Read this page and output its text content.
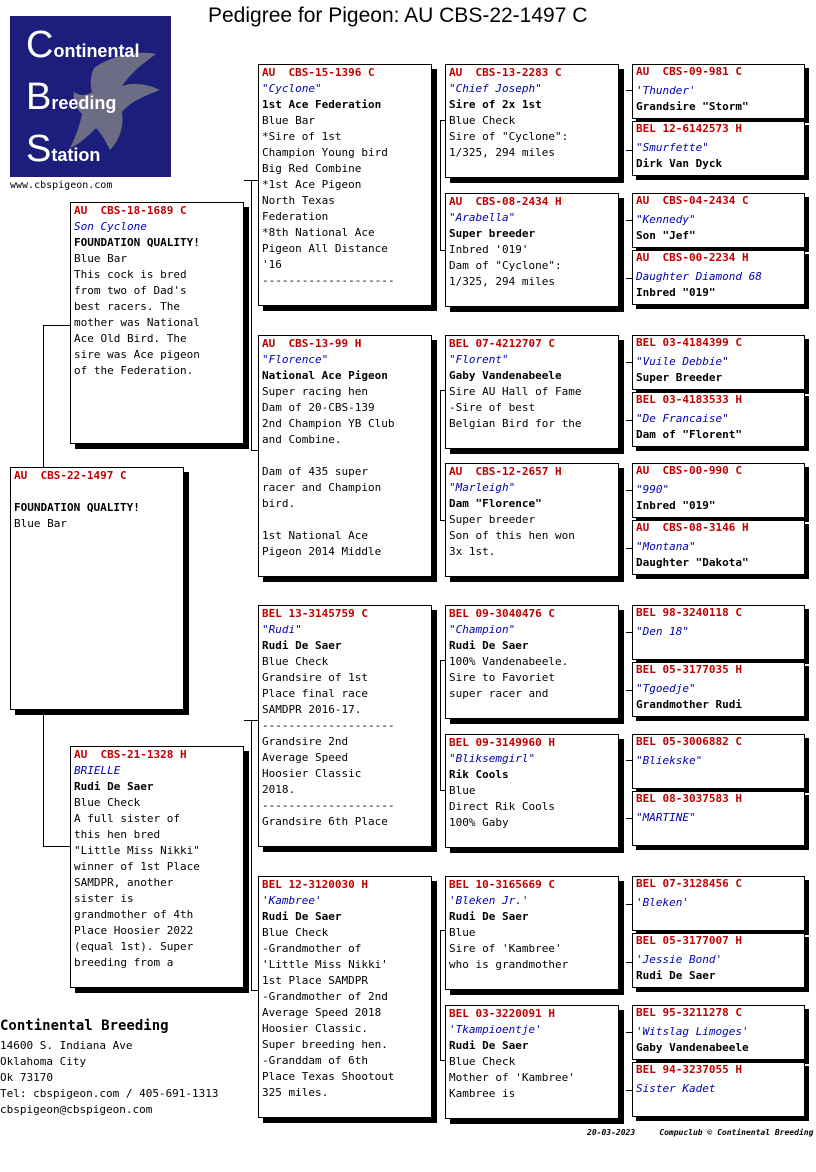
Pedigree for Pigeon: AU CBS-22-1497 C
Continental
Breeding
Station
www.cbspigeon.com
AU  CBS-22-1497 C
FOUNDATION QUALITY!
Blue Bar
AU  CBS-18-1689 C
Son Cyclone
FOUNDATION QUALITY!
Blue Bar
This cock is bred
from two of Dad's
best racers. The
mother was National
Ace Old Bird. The
sire was Ace pigeon
of the Federation.
AU  CBS-21-1328 H
BRIELLE
Rudi De Saer
Blue Check
A full sister of
this hen bred
"Little Miss Nikki"
winner of 1st Place
SAMDPR, another
sister is
grandmother of 4th
Place Hoosier 2022
(equal 1st). Super
breeding from a
AU  CBS-15-1396 C
"Cyclone"
1st Ace Federation
Blue Bar
*Sire of 1st
Champion Young bird
Big Red Combine
*1st Ace Pigeon
North Texas
Federation
*8th National Ace
Pigeon All Distance
'16
--------------------
AU  CBS-13-99 H
"Florence"
National Ace Pigeon
Super racing hen
Dam of 20-CBS-139
2nd Champion YB Club
and Combine.

Dam of 435 super
racer and Champion
bird.

1st National Ace
Pigeon 2014 Middle
BEL 13-3145759 C
"Rudi"
Rudi De Saer
Blue Check
Grandsire of 1st
Place final race
SAMDPR 2016-17.
--------------------
Grandsire 2nd
Average Speed
Hoosier Classic
2018.
--------------------
Grandsire 6th Place
BEL 12-3120030 H
'Kambree'
Rudi De Saer
Blue Check
-Grandmother of
'Little Miss Nikki'
1st Place SAMDPR
-Grandmother of 2nd
Average Speed 2018
Hoosier Classic.
Super breeding hen.
-Granddam of 6th
Place Texas Shootout
325 miles.
AU  CBS-13-2283 C
"Chief Joseph"
Sire of 2x 1st
Blue Check
Sire of "Cyclone":
1/325, 294 miles
AU  CBS-08-2434 H
"Arabella"
Super breeder
Inbred '019'
Dam of "Cyclone":
1/325, 294 miles
BEL 07-4212707 C
"Florent"
Gaby Vandenabeele
Sire AU Hall of Fame
-Sire of best
Belgian Bird for the
AU  CBS-12-2657 H
"Marleigh"
Dam "Florence"
Super breeder
Son of this hen won
3x 1st.
BEL 09-3040476 C
"Champion"
Rudi De Saer
100% Vandenabeele.
Sire to Favoriet
super racer and
BEL 09-3149960 H
"Bliksemgirl"
Rik Cools
Blue
Direct Rik Cools
100% Gaby
BEL 10-3165669 C
'Bleken Jr.'
Rudi De Saer
Blue
Sire of 'Kambree'
who is grandmother
BEL 03-3220091 H
'Tkampioentje'
Rudi De Saer
Blue Check
Mother of 'Kambree'
Kambree is
AU  CBS-09-981 C
'Thunder'
Grandsire "Storm"
BEL 12-6142573 H
"Smurfette"
Dirk Van Dyck
AU  CBS-04-2434 C
"Kennedy"
Son "Jef"
AU  CBS-00-2234 H
Daughter Diamond 68
Inbred "019"
BEL 03-4184399 C
"Vuile Debbie"
Super Breeder
BEL 03-4183533 H
"De Francaise"
Dam of "Florent"
AU  CBS-00-990 C
"990"
Inbred "019"
AU  CBS-08-3146 H
"Montana"
Daughter "Dakota"
BEL 98-3240118 C
"Den 18"
BEL 05-3177035 H
"Tgoedje"
Grandmother Rudi
BEL 05-3006882 C
"Bliekske"
BEL 08-3037583 H
"MARTINE"
BEL 07-3128456 C
'Bleken'
BEL 05-3177007 H
'Jessie Bond'
Rudi De Saer
BEL 95-3211278 C
'Witslag Limoges'
Gaby Vandenabeele
BEL 94-3237055 H
Sister Kadet
Continental Breeding
14600 S. Indiana Ave
Oklahoma City
Ok 73170
Tel: cbspigeon.com / 405-691-1313
cbspigeon@cbspigeon.com
20-03-2023	Compuclub © Continental Breeding
